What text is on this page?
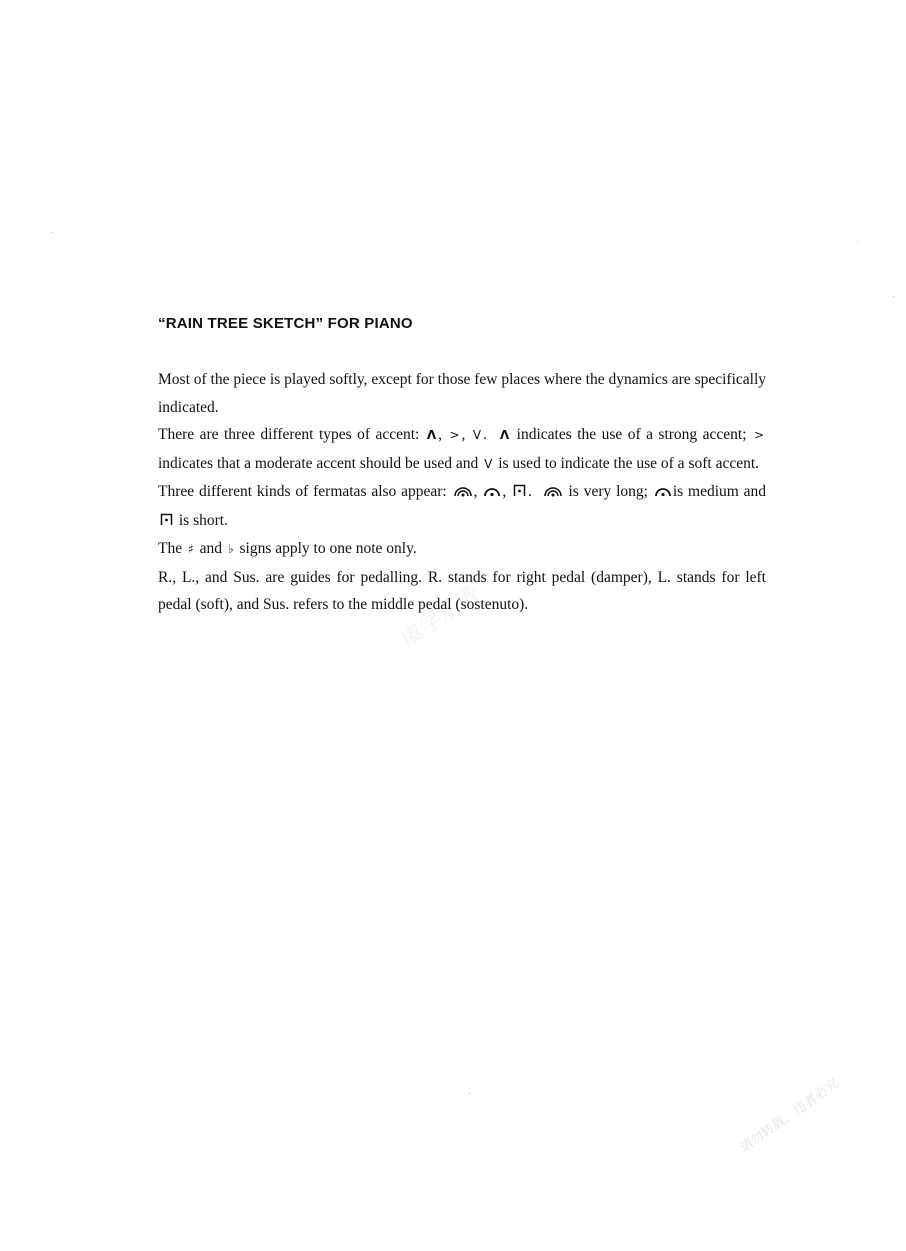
“RAIN TREE SKETCH” FOR PIANO

Most of the piece is played softly, except for those few places where the dynamics are specifically indicated.

There are three different types of accent: Λ , > , V .  Λ indicates the use of a strong accent; >indicates that a moderate accent should be used and V is used to indicate the use of a soft accent.

Three different kinds of fermatas also appear: , , .   is very long; is medium and  is short.

The ♯ and ♭ signs apply to one note only.

R., L., and Sus. are guides for pedalling. R. stands for right pedal (damper), L. stands for left pedal (soft), and Sus. refers to the middle pedal (sostenuto).

虞学乐谱
请勿转载，违者必究
